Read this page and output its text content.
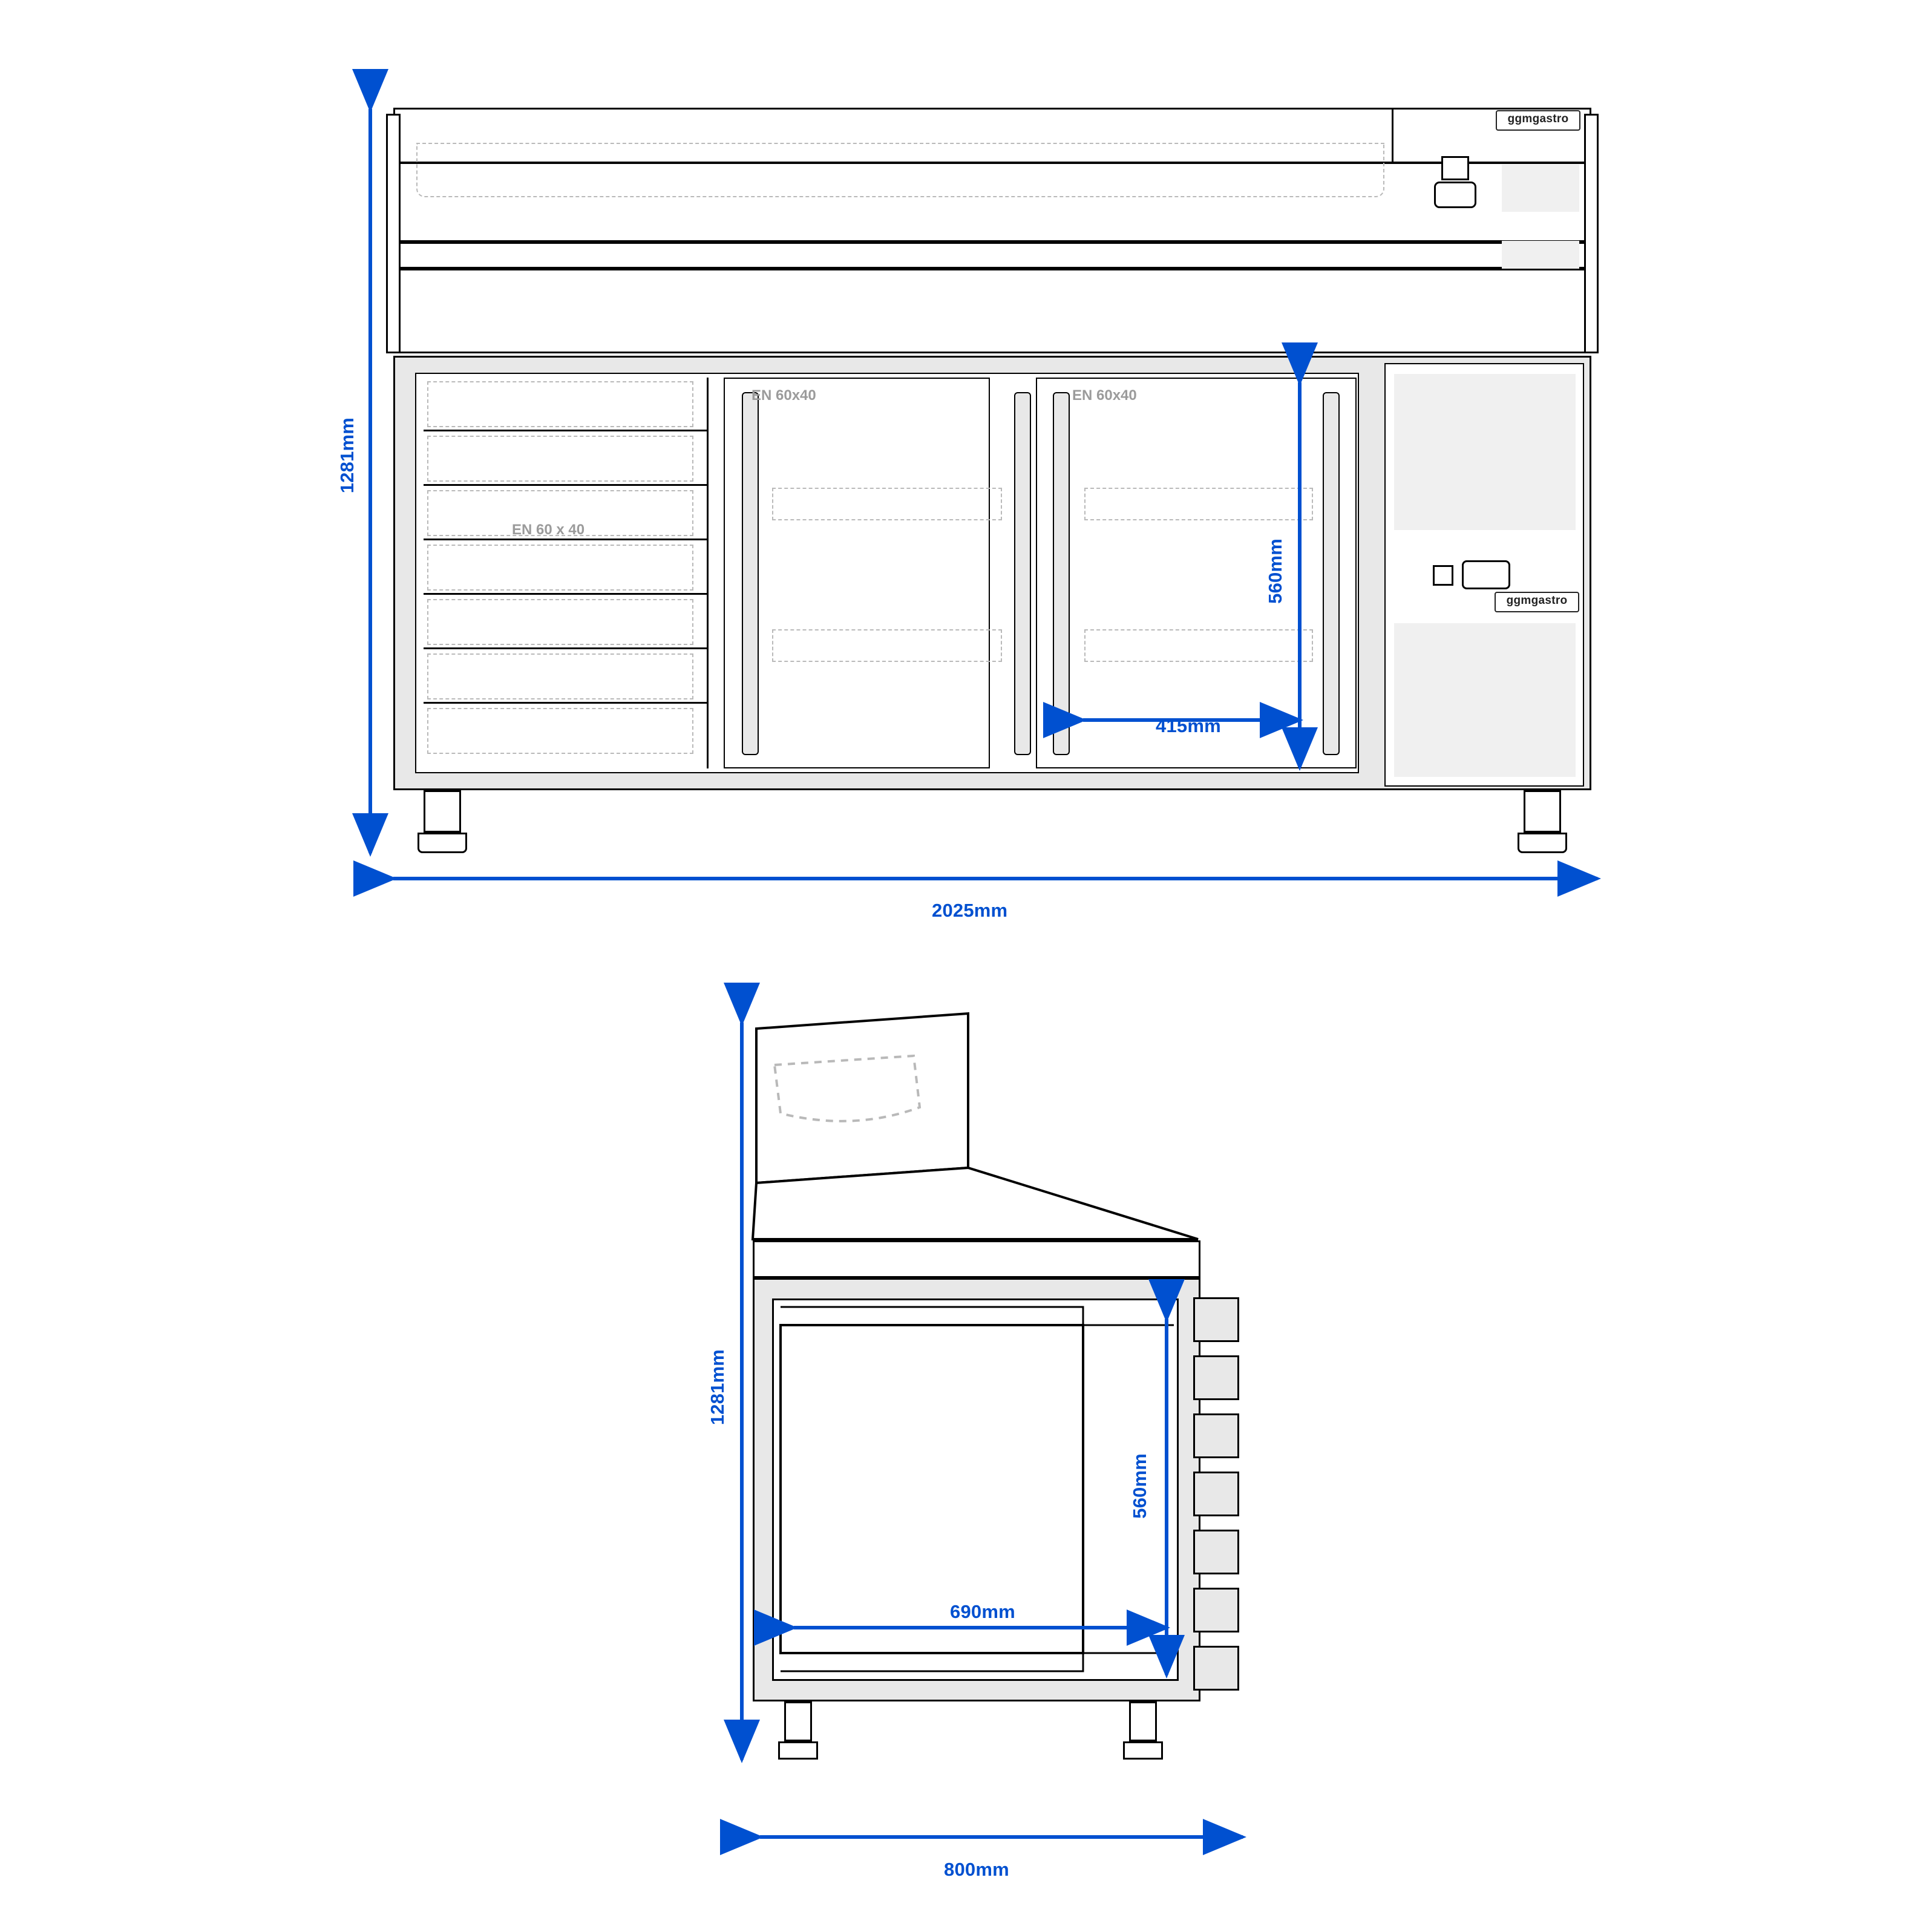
ggmgastro
EN 60 x 40
EN 60x40	EN 60x40
ggmgastro
1281mm
2025mm
560mm
415mm
1281mm
800mm
560mm
690mm
